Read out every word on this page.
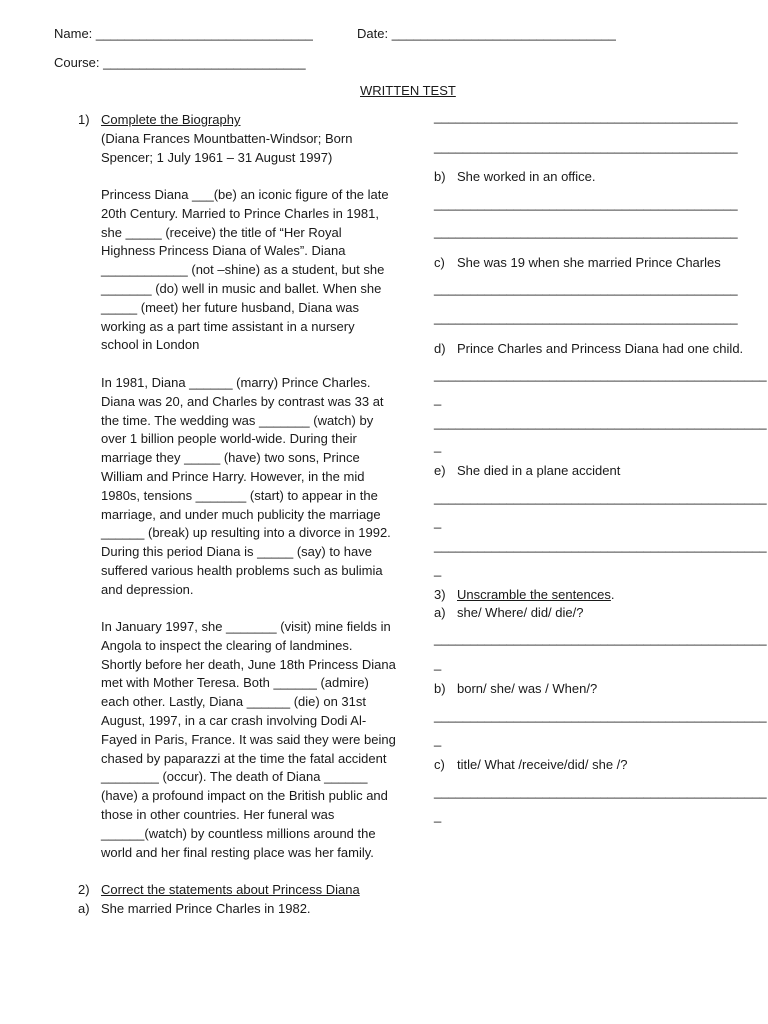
Name: ______________________________	Date: _______________________________
Course: ____________________________
WRITTEN TEST
1) Complete the Biography
(Diana Frances Mountbatten-Windsor; Born
Spencer; 1 July 1961 – 31 August 1997)
Princess Diana ___(be) an iconic figure of the late
20th Century. Married to Prince Charles in 1981,
she _____ (receive) the title of “Her Royal
Highness Princess Diana of Wales”. Diana
____________ (not –shine) as a student, but she
_______ (do) well in music and ballet. When she
_____ (meet) her future husband, Diana was
working as a part time assistant in a nursery
school in London
In 1981, Diana ______ (marry) Prince Charles.
Diana was 20, and Charles by contrast was 33 at
the time. The wedding was _______ (watch) by
over 1 billion people world-wide. During their
marriage they _____ (have) two sons, Prince
William and Prince Harry. However, in the mid
1980s, tensions _______ (start) to appear in the
marriage, and under much publicity the marriage
______ (break) up resulting into a divorce in 1992.
During this period Diana is _____ (say) to have
suffered various health problems such as bulimia
and depression.
In January 1997, she _______ (visit) mine fields in
Angola to inspect the clearing of landmines.
Shortly before her death, June 18th Princess Diana
met with Mother Teresa. Both ______ (admire)
each other. Lastly, Diana ______ (die) on 31st
August, 1997, in a car crash involving Dodi Al-
Fayed in Paris, France. It was said they were being
chased by paparazzi at the time the fatal accident
________ (occur). The death of Diana ______
(have) a profound impact on the British public and
those in other countries. Her funeral was
______(watch) by countless millions around the
world and her final resting place was her family.
2) Correct the statements about Princess Diana
a) She married Prince Charles in 1982.
__________________________________________
__________________________________________
b) She worked in an office.
__________________________________________
__________________________________________
c) She was 19 when she married Prince Charles
__________________________________________
__________________________________________
d) Prince Charles and Princess Diana had one child.
______________________________________________
_
______________________________________________
_
e) She died in a plane accident
______________________________________________
_
______________________________________________
_
3) Unscramble the sentences.
a) she/ Where/ did/ die/?
______________________________________________
_
b) born/ she/ was / When/?
______________________________________________
_
c) title/ What /receive/did/ she /?
______________________________________________
_
